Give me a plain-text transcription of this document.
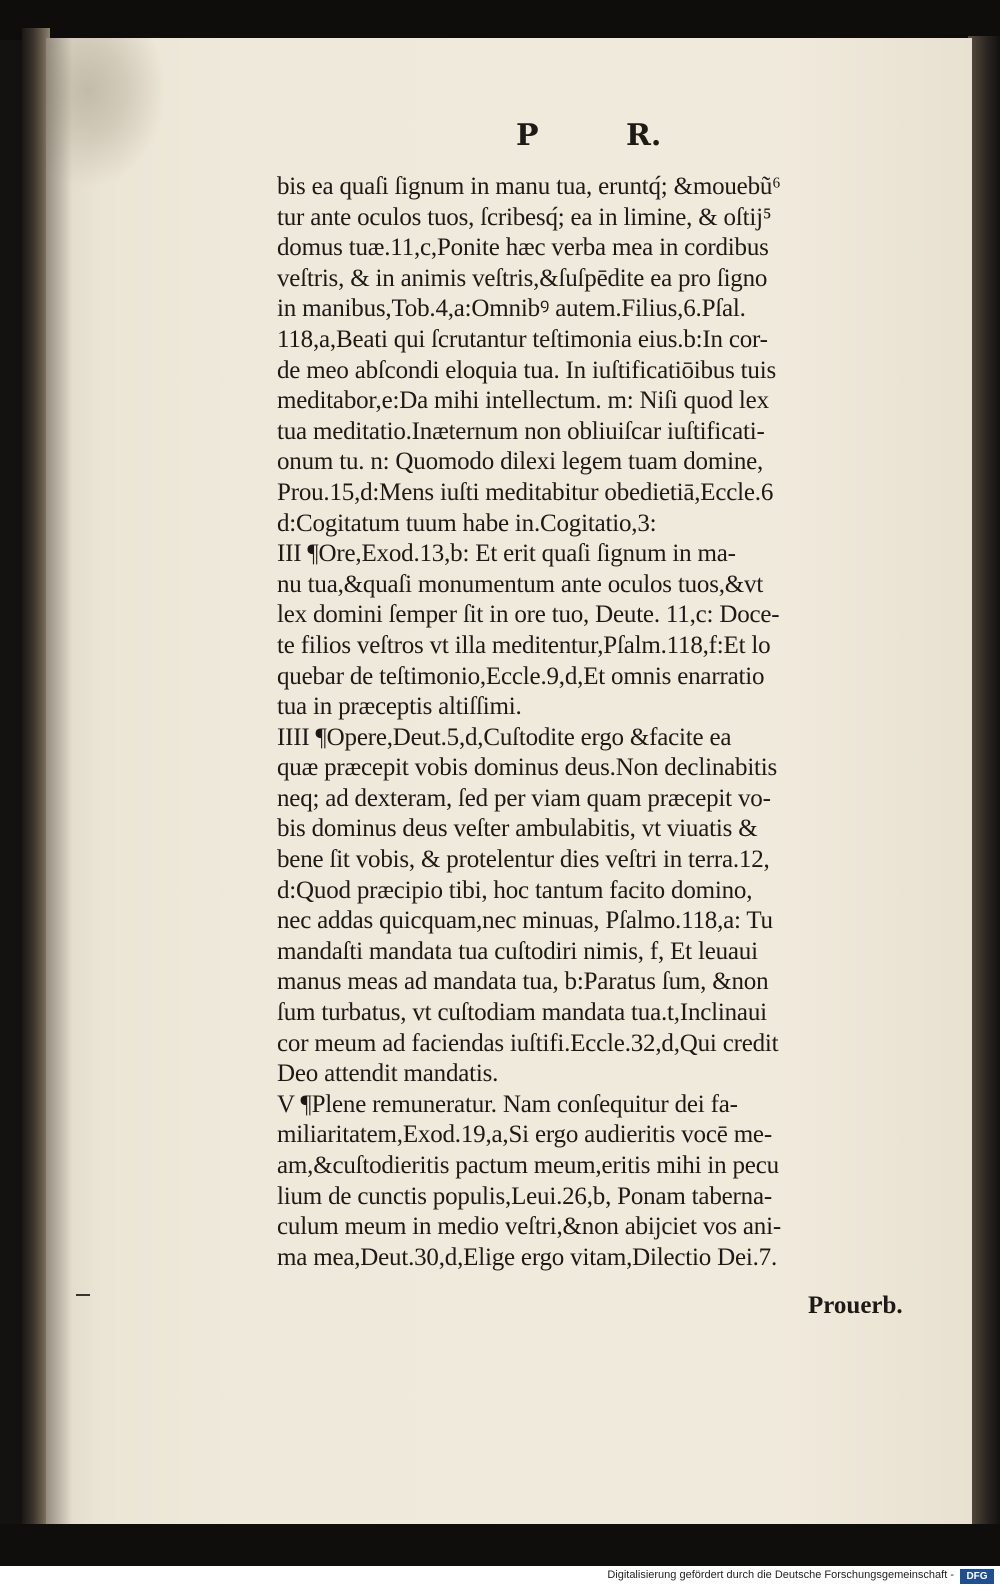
P	R.
bis ea quaſi ſignum in manu tua, eruntq́; &mouebũ⁶
tur ante oculos tuos, ſcribesq́; ea in limine, & oſtij⁵
domus tuæ.11,c,Ponite hæc verba mea in cordibus
veſtris, & in animis veſtris,&ſuſpēdite ea pro ſigno
in manibus,Tob.4,a:Omnibꝰ autem.Filius,6.Pſal.
118,a,Beati qui ſcrutantur teſtimonia eius.b:In cor-
de meo abſcondi eloquia tua. In iuſtificatiōibus tuis
meditabor,e:Da mihi intellectum. m: Niſi quod lex
tua meditatio.Inæternum non obliuiſcar iuſtificati-
onum tu. n: Quomodo dilexi legem tuam domine,
Prou.15,d:Mens iuſti meditabitur obedietiā,Eccle.6
d:Cogitatum tuum habe in.Cogitatio,3:
III ¶Ore,Exod.13,b: Et erit quaſi ſignum in ma-
nu tua,&quaſi monumentum ante oculos tuos,&vt
lex domini ſemper ſit in ore tuo, Deute. 11,c: Doce-
te filios veſtros vt illa meditentur,Pſalm.118,f:Et lo
quebar de teſtimonio,Eccle.9,d,Et omnis enarratio
tua in præceptis altiſſimi.
IIII ¶Opere,Deut.5,d,Cuſtodite ergo &facite ea
quæ præcepit vobis dominus deus.Non declinabitis
neq; ad dexteram, ſed per viam quam præcepit vo-
bis dominus deus veſter ambulabitis, vt viuatis &
bene ſit vobis, & protelentur dies veſtri in terra.12,
d:Quod præcipio tibi, hoc tantum facito domino,
nec addas quicquam,nec minuas, Pſalmo.118,a: Tu
mandaſti mandata tua cuſtodiri nimis, f, Et leuaui
manus meas ad mandata tua, b:Paratus ſum, &non
ſum turbatus, vt cuſtodiam mandata tua.t,Inclinaui
cor meum ad faciendas iuſtifi.Eccle.32,d,Qui credit
Deo attendit mandatis.
V ¶Plene remuneratur. Nam conſequitur dei fa-
miliaritatem,Exod.19,a,Si ergo audieritis vocē me-
am,&cuſtodieritis pactum meum,eritis mihi in pecu
lium de cunctis populis,Leui.26,b, Ponam taberna-
culum meum in medio veſtri,&non abijciet vos ani-
ma mea,Deut.30,d,Elige ergo vitam,Dilectio Dei.7.
Prouerb.
Digitalisierung gefördert durch die Deutsche Forschungsgemeinschaft -	DFG
